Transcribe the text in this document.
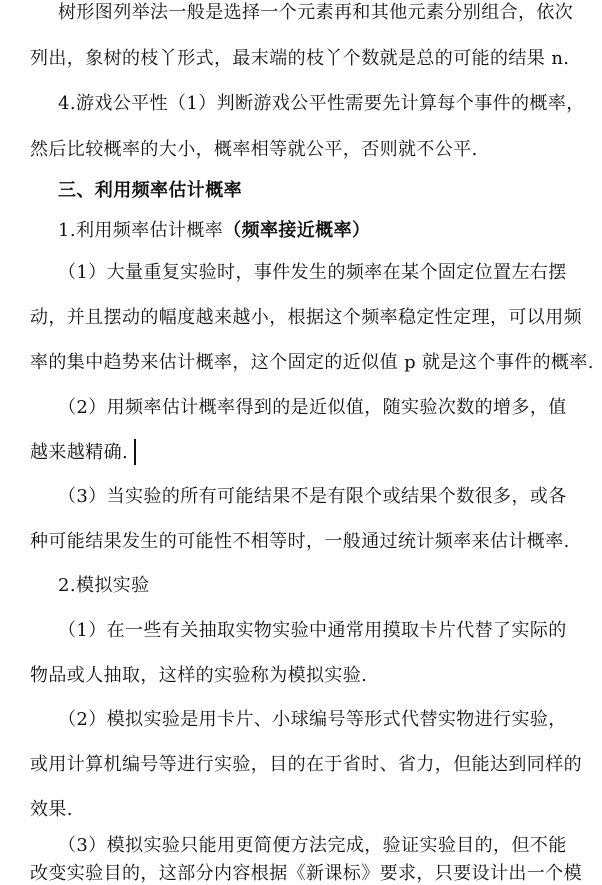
树形图列举法一般是选择一个元素再和其他元素分别组合，依次
列出，象树的枝丫形式，最末端的枝丫个数就是总的可能的结果 n.
4.游戏公平性（1）判断游戏公平性需要先计算每个事件的概率，
然后比较概率的大小，概率相等就公平，否则就不公平.
三、利用频率估计概率
1.利用频率估计概率（频率接近概率）
（1）大量重复实验时，事件发生的频率在某个固定位置左右摆
动，并且摆动的幅度越来越小，根据这个频率稳定性定理，可以用频
率的集中趋势来估计概率，这个固定的近似值 p 就是这个事件的概率.
（2）用频率估计概率得到的是近似值，随实验次数的增多，值
越来越精确.
（3）当实验的所有可能结果不是有限个或结果个数很多，或各
种可能结果发生的可能性不相等时，一般通过统计频率来估计概率.
2.模拟实验
（1）在一些有关抽取实物实验中通常用摸取卡片代替了实际的
物品或人抽取，这样的实验称为模拟实验.
（2）模拟实验是用卡片、小球编号等形式代替实物进行实验，
或用计算机编号等进行实验，目的在于省时、省力，但能达到同样的
效果.
（3）模拟实验只能用更简便方法完成，验证实验目的，但不能
改变实验目的，这部分内容根据《新课标》要求，只要设计出一个模
